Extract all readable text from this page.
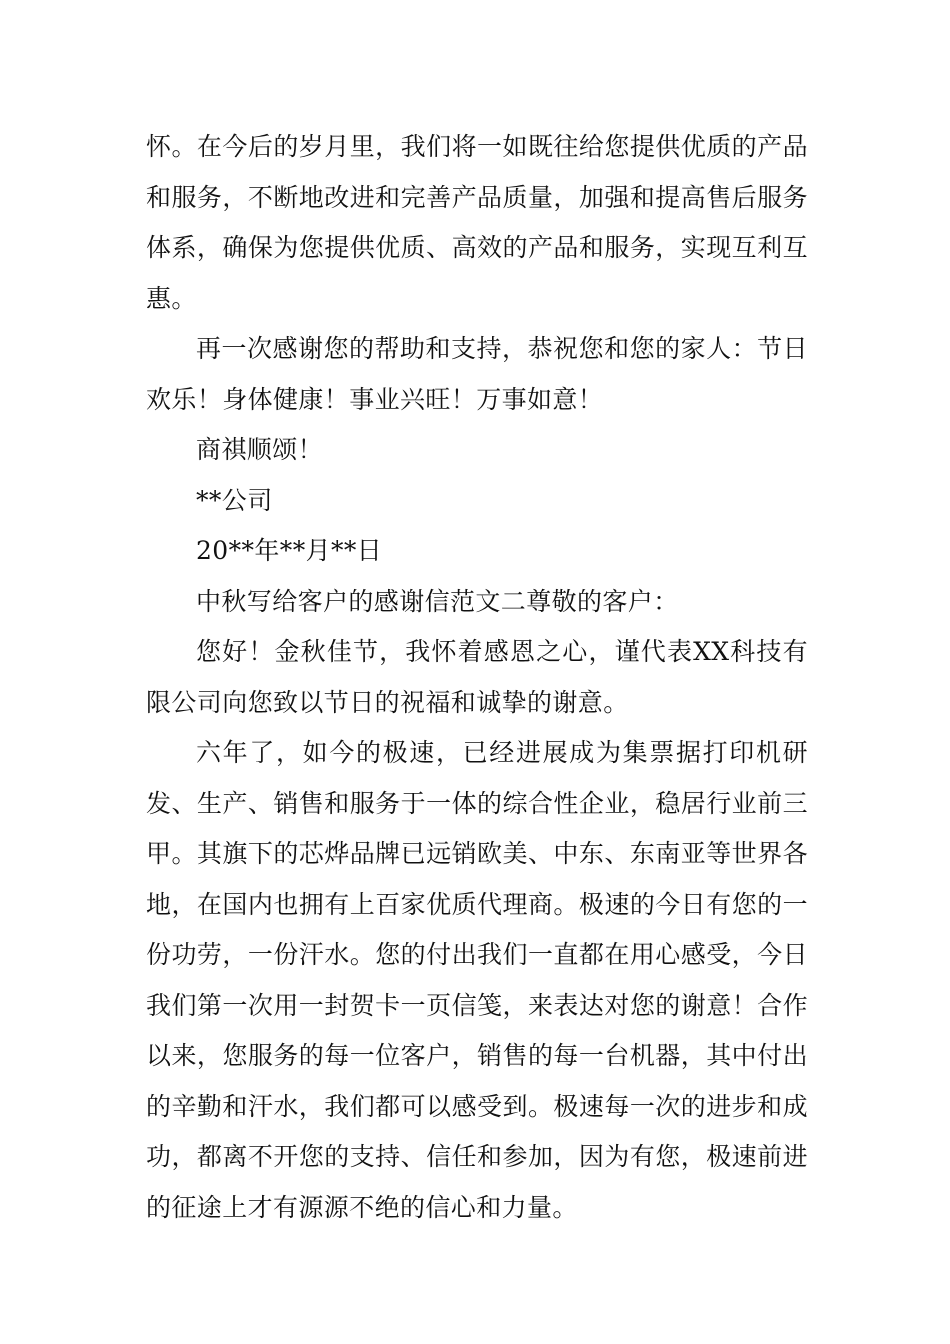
怀。在今后的岁月里，我们将一如既往给您提供优质的产品和服务，不断地改进和完善产品质量，加强和提高售后服务体系，确保为您提供优质、高效的产品和服务，实现互利互惠。

再一次感谢您的帮助和支持，恭祝您和您的家人：节日欢乐！身体健康！事业兴旺！万事如意！

商祺顺颂！

**公司

20**年**月**日

中秋写给客户的感谢信范文二尊敬的客户：

您好！金秋佳节，我怀着感恩之心，谨代表XX科技有限公司向您致以节日的祝福和诚挚的谢意。

六年了，如今的极速，已经进展成为集票据打印机研发、生产、销售和服务于一体的综合性企业，稳居行业前三甲。其旗下的芯烨品牌已远销欧美、中东、东南亚等世界各地，在国内也拥有上百家优质代理商。极速的今日有您的一份功劳，一份汗水。您的付出我们一直都在用心感受，今日我们第一次用一封贺卡一页信笺，来表达对您的谢意！合作以来，您服务的每一位客户，销售的每一台机器，其中付出的辛勤和汗水，我们都可以感受到。极速每一次的进步和成功，都离不开您的支持、信任和参加，因为有您，极速前进的征途上才有源源不绝的信心和力量。
